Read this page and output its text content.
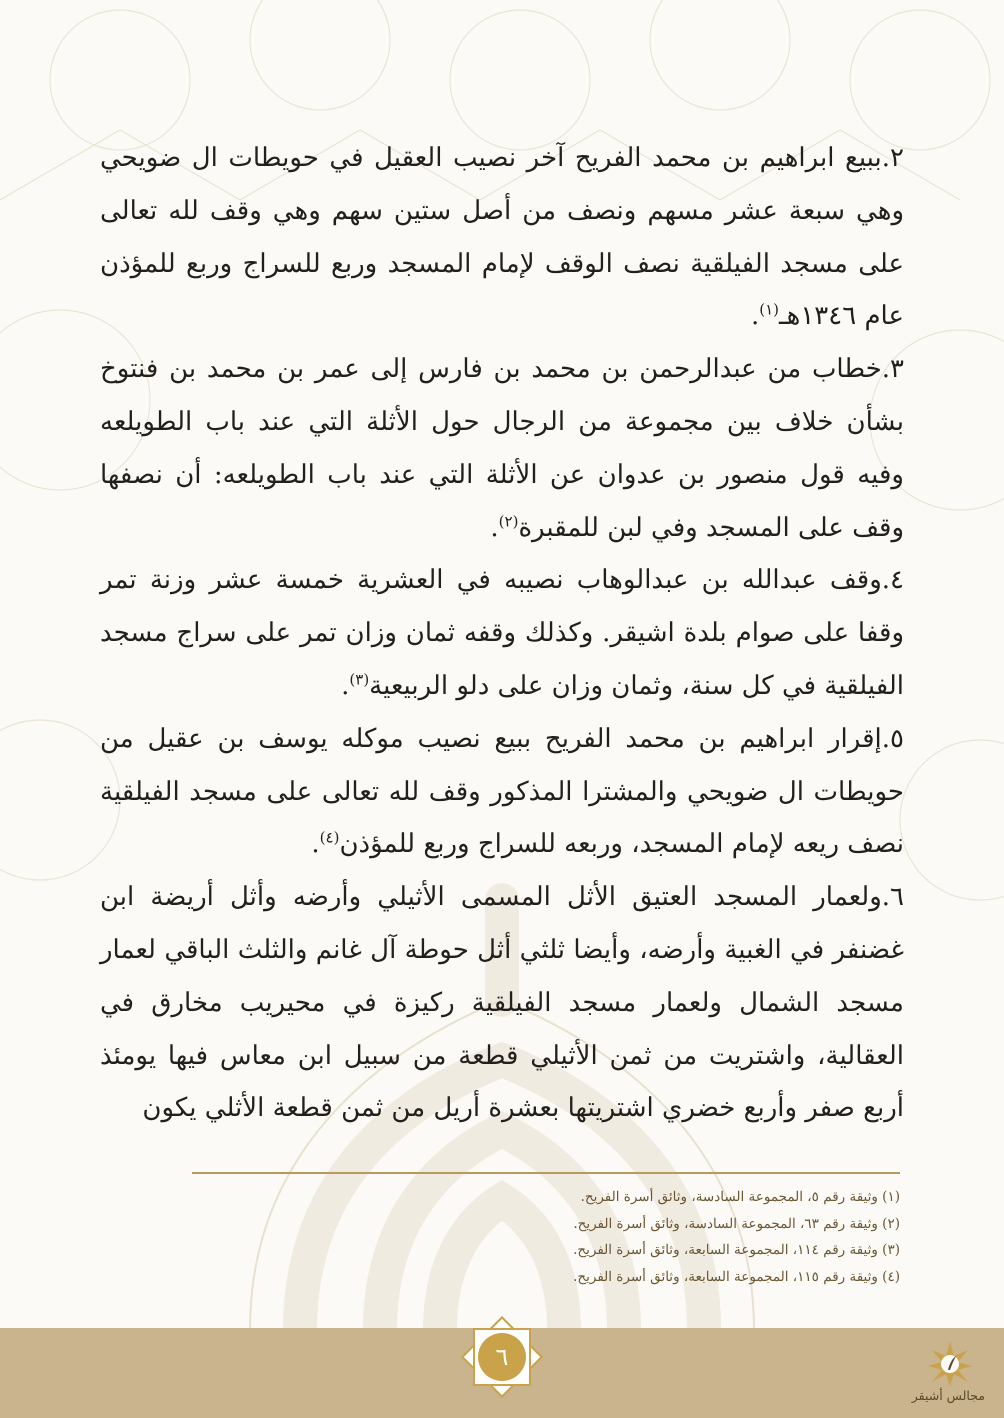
٢.ببيع ابراهيم بن محمد الفريح آخر نصيب العقيل في حويطات ال ضويحي وهي سبعة عشر مسهم ونصف من أصل ستين سهم وهي وقف لله تعالى على مسجد الفيلقية نصف الوقف لإمام المسجد وربع للسراج وربع للمؤذن عام ١٣٤٦هـ$^{(١)}$.

٣.خطاب من عبدالرحمن بن محمد بن فارس إلى عمر بن محمد بن فنتوخ بشأن خلاف بين مجموعة من الرجال حول الأثلة التي عند باب الطويلعه وفيه قول منصور بن عدوان عن الأثلة التي عند باب الطويلعه: أن نصفها وقف على المسجد وفي لبن للمقبرة$^{(٢)}$.

٤.وقف عبدالله بن عبدالوهاب نصيبه في العشرية خمسة عشر وزنة تمر وقفا على صوام بلدة اشيقر. وكذلك وقفه ثمان وزان تمر على سراج مسجد الفيلقية في كل سنة، وثمان وزان على دلو الربيعية$^{(٣)}$.

٥.إقرار ابراهيم بن محمد الفريح ببيع نصيب موكله يوسف بن عقيل من حويطات ال ضويحي والمشترا المذكور وقف لله تعالى على مسجد الفيلقية نصف ريعه لإمام المسجد، وربعه للسراج وربع للمؤذن$^{(٤)}$.

٦.ولعمار المسجد العتيق الأثل المسمى الأثيلي وأرضه وأثل أريضة ابن غضنفر في الغبية وأرضه، وأيضا ثلثي أثل حوطة آل غانم والثلث الباقي لعمار مسجد الشمال ولعمار مسجد الفيلقية ركيزة في محيريب مخارق في العقالية، واشتريت من ثمن الأثيلي قطعة من سبيل ابن معاس فيها يومئذ أربع صفر وأربع خضري اشتريتها بعشرة أريل من ثمن قطعة الأثلي يكون

(١) وثيقة رقم ٥، المجموعة السادسة، وثائق أسرة الفريح.

(٢) وثيقة رقم ٦٣، المجموعة السادسة، وثائق أسرة الفريح.

(٣) وثيقة رقم ١١٤، المجموعة السابعة، وثائق أسرة الفريح.

(٤) وثيقة رقم ١١٥، المجموعة السابعة، وثائق أسرة الفريح.

٦
مجالس أشيقر
